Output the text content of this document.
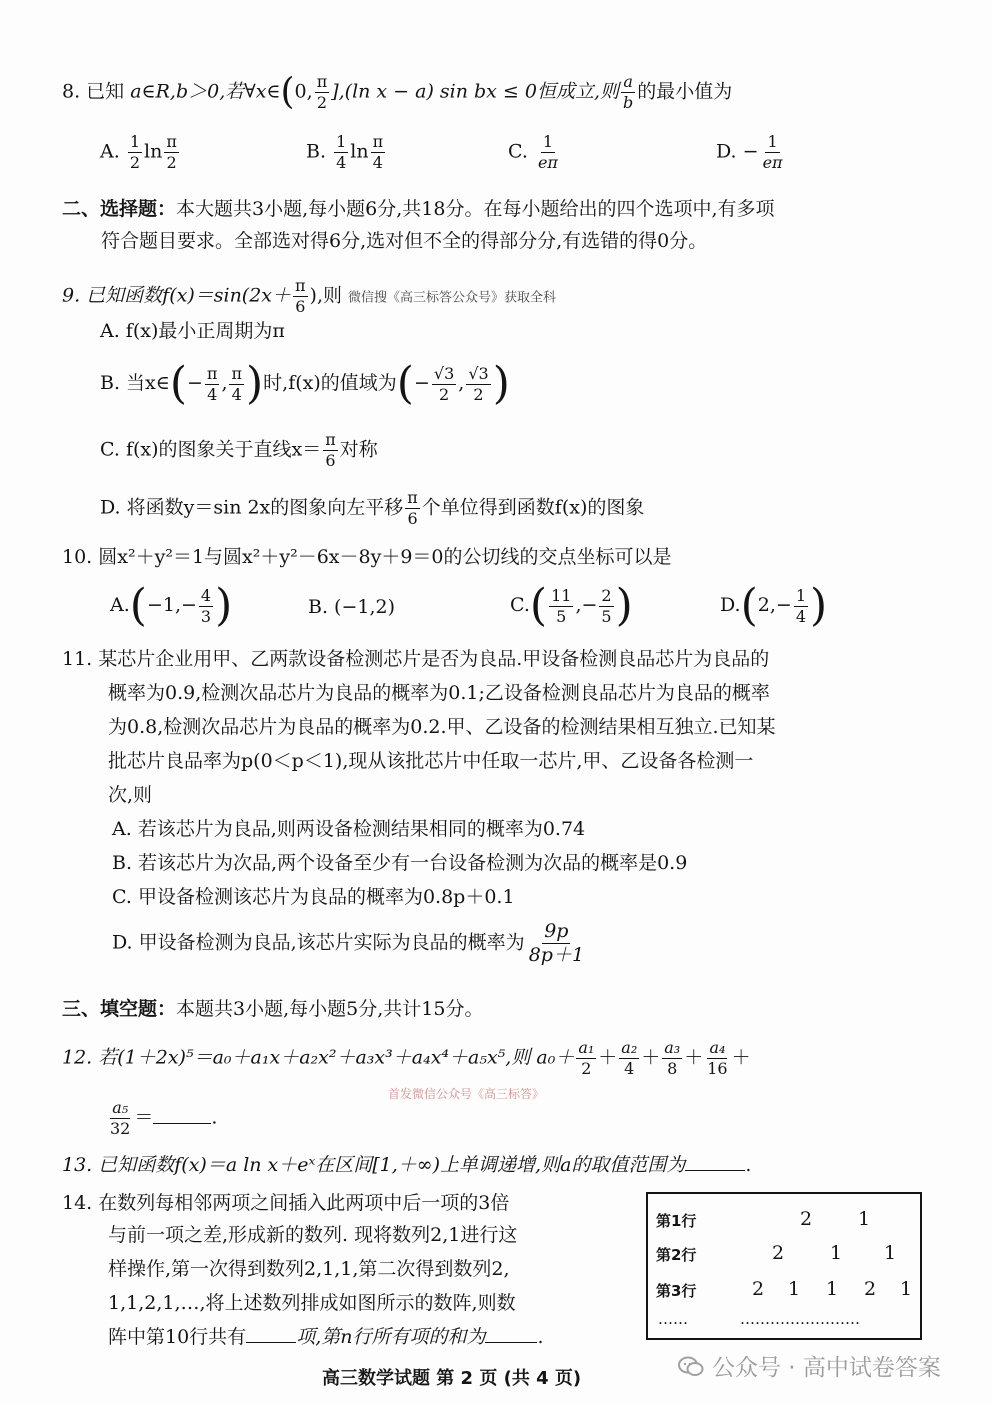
8. 已知 a∈R,b＞0,若∀x∈(0, $\frac{\pi}{2} ],(\ln$ x − a) sin bx ≤ 0恒成立,则 $\frac{a}{b}$ 的最小值为
A. $\frac{1}{2}$ $\ln \frac{\pi}{2}$	B. $\frac{1}{4}$ $\ln \frac{\pi}{4}$	C. $\frac{1}{e\pi}$	D. − $\frac{1}{e\pi}$
二、选择题：本大题共3小题,每小题6分,共18分。在每小题给出的四个选项中,有多项
符合题目要求。全部选对得6分,选对但不全的得部分分,有选错的得0分。
9. 已知函数$f(x)=\sin(2x+ \frac{\pi}{6}$ ),则 微信搜《高三标答公众号》获取全科
A. f(x)最小正周期为π
B. 当x∈(− $\frac{\pi}{4}$ , $\frac{\pi}{4}$ )时,f(x)的值域为(− $\frac{√3}{2}$ , $\frac{√3}{2}$ )
C. f(x)的图象关于直线$x= \frac{\pi}{6}$ 对称
D. 将函数y＝sin 2x的图象向左平移 $\frac{\pi}{6}$ 个单位得到函数f(x)的图象
10. 圆x²＋y²＝1与圆x²＋y²－6x－8y＋9＝0的公切线的交点坐标可以是
$A.(-1,- \frac{4}{3}$ )	B. (−1,2)	$C.( \frac{11}{5}$ ,− $\frac{2}{5}$ )	$D.(2,- \frac{1}{4}$ )
11. 某芯片企业用甲、乙两款设备检测芯片是否为良品.甲设备检测良品芯片为良品的
概率为0.9,检测次品芯片为良品的概率为0.1;乙设备检测良品芯片为良品的概率
为0.8,检测次品芯片为良品的概率为0.2.甲、乙设备的检测结果相互独立.已知某
批芯片良品率为p(0＜p＜1),现从该批芯片中任取一芯片,甲、乙设备各检测一
次,则
A. 若该芯片为良品,则两设备检测结果相同的概率为0.74
B. 若该芯片为次品,两个设备至少有一台设备检测为次品的概率是0.9
C. 甲设备检测该芯片为良品的概率为0.8p＋0.1
D. 甲设备检测为良品,该芯片实际为良品的概率为 $\frac{9p}{8p+1}$
三、填空题：本题共3小题,每小题5分,共计15分。
12. 若(1＋2x)⁵＝a₀＋a₁x＋a₂x²＋a₃x³＋a₄x⁴＋a₅x⁵,则 $a_0+ \frac{\text{a₁}}{2} + \frac{\text{a₂}}{4} + \frac{\text{a₃}}{8} + \frac{\text{a₄}}{16}$ ＋
首发微信公众号《高三标答》
$\frac{\text{a₅}}{32}$ ＝	.
13. 已知函数f(x)＝a ln x＋eˣ在区间[1,＋∞)上单调递增,则a的取值范围为	.
14. 在数列每相邻两项之间插入此两项中后一项的3倍
与前一项之差,形成新的数列. 现将数列2,1进行这
样操作,第一次得到数列2,1,1,第二次得到数列2,
1,1,2,1,…,将上述数列排成如图所示的数阵,则数
阵中第10行共有	项,第n行所有项的和为	.
第1行	2 1
第2行	2 1 1
第3行	2 1 1 2 1
……	……………………
高三数学试题 第 2 页 (共 4 页)	公众号 · 高中试卷答案
